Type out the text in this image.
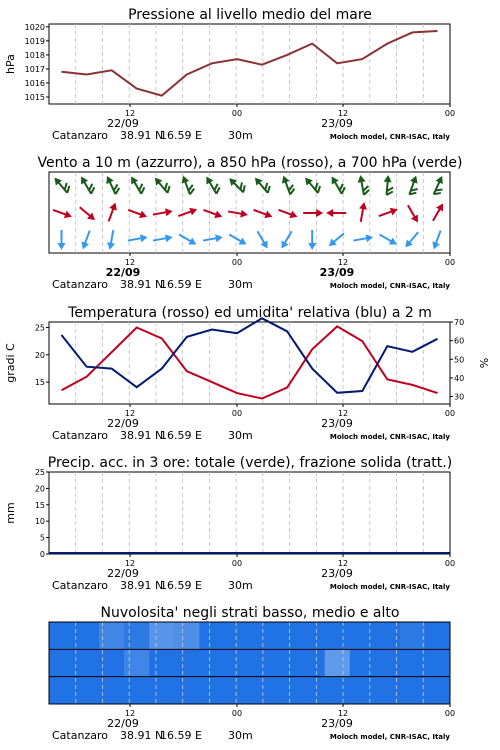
Pressione al livello medio del mare
1015
1016
1017
1018
1019
1020
hPa
12	00	12	00
22/09	23/09
Catanzaro 38.91 N
16.59 E 30m	Moloch model, CNR-ISAC, Italy
Vento a 10 m (azzurro), a 850 hPa (rosso), a 700 hPa (verde)
12	00	12	00
22/09	23/09
Catanzaro 38.91 N
16.59 E 30m	Moloch model, CNR-ISAC, Italy
Temperatura (rosso) ed umidita' relativa (blu) a 2 m
15
20
25
gradi C
30
40
50
60
70
%
12	00	12	00
22/09	23/09
Catanzaro 38.91 N
16.59 E 30m	Moloch model, CNR-ISAC, Italy
Precip. acc. in 3 ore: totale (verde), frazione solida (tratt.)
0
5
10
15
20
25
mm
12	00	12	00
22/09	23/09
Catanzaro 38.91 N
16.59 E 30m	Moloch model, CNR-ISAC, Italy
Nuvolosita' negli strati basso, medio e alto
12	00	12	00
22/09	23/09
Catanzaro 38.91 N
16.59 E 30m	Moloch model, CNR-ISAC, Italy
